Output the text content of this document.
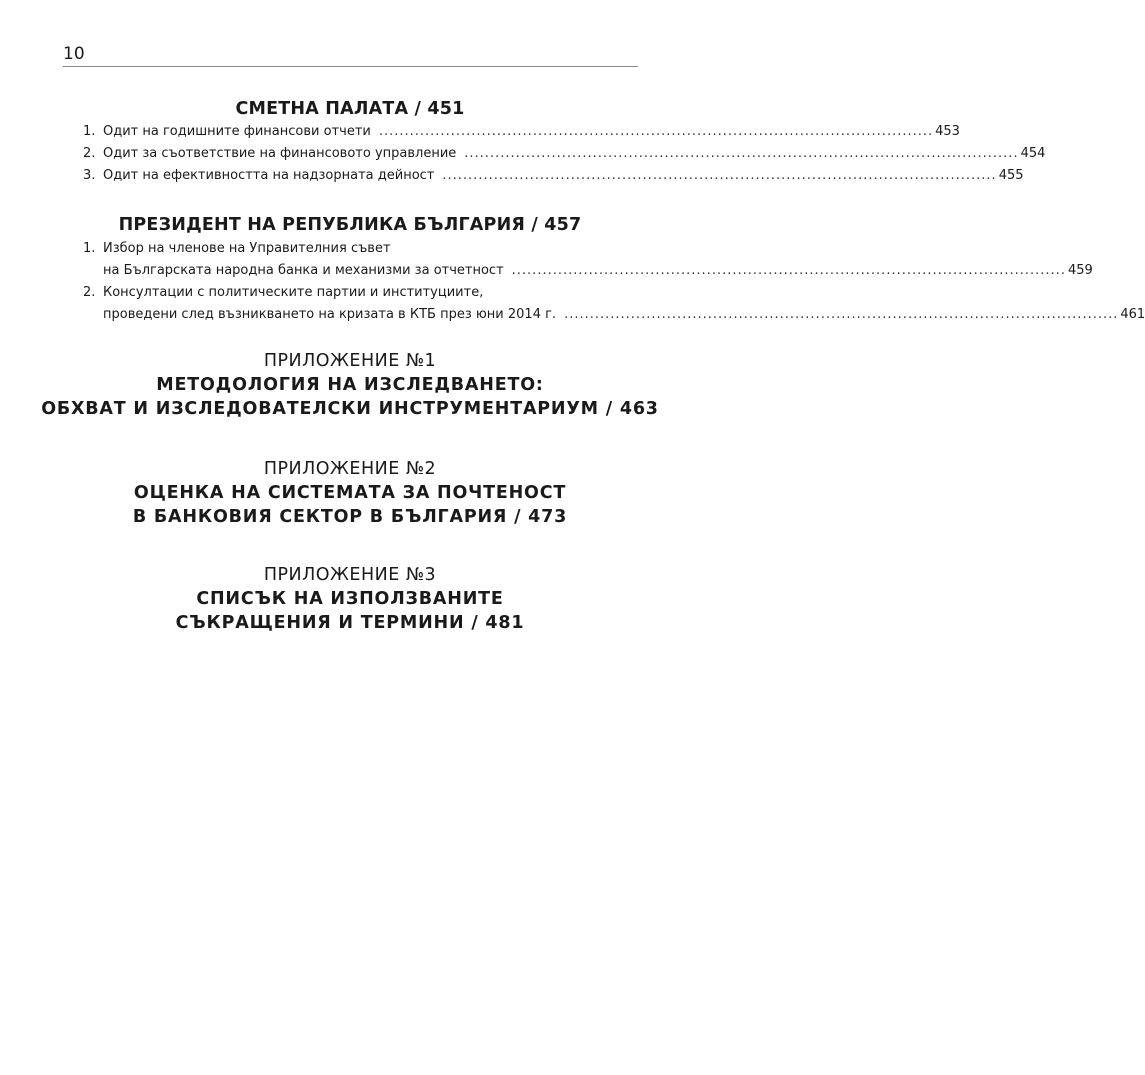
10
СМЕТНА ПАЛАТА / 451
1. Одит на годишните финансови отчети ............................................................................................................ 453
2. Одит за съответствие на финансовото управление ............................................................................................................ 454
3. Одит на ефективността на надзорната дейност ............................................................................................................ 455
ПРЕЗИДЕНТ НА РЕПУБЛИКА БЪЛГАРИЯ / 457
1. Избор на членове на Управителния съвет
на Българската народна банка и механизми за отчетност ............................................................................................................ 459
2. Консултации с политическите партии и институциите,
проведени след възникването на кризата в КТБ през юни 2014 г. ............................................................................................................ 461
ПРИЛОЖЕНИЕ №1
МЕТОДОЛОГИЯ НА ИЗСЛЕДВАНЕТО:
ОБХВАТ И ИЗСЛЕДОВАТЕЛСКИ ИНСТРУМЕНТАРИУМ / 463
ПРИЛОЖЕНИЕ №2
ОЦЕНКА НА СИСТЕМАТА ЗА ПОЧТЕНОСТ
В БАНКОВИЯ СЕКТОР В БЪЛГАРИЯ / 473
ПРИЛОЖЕНИЕ №3
СПИСЪК НА ИЗПОЛЗВАНИТЕ
СЪКРАЩЕНИЯ И ТЕРМИНИ / 481
